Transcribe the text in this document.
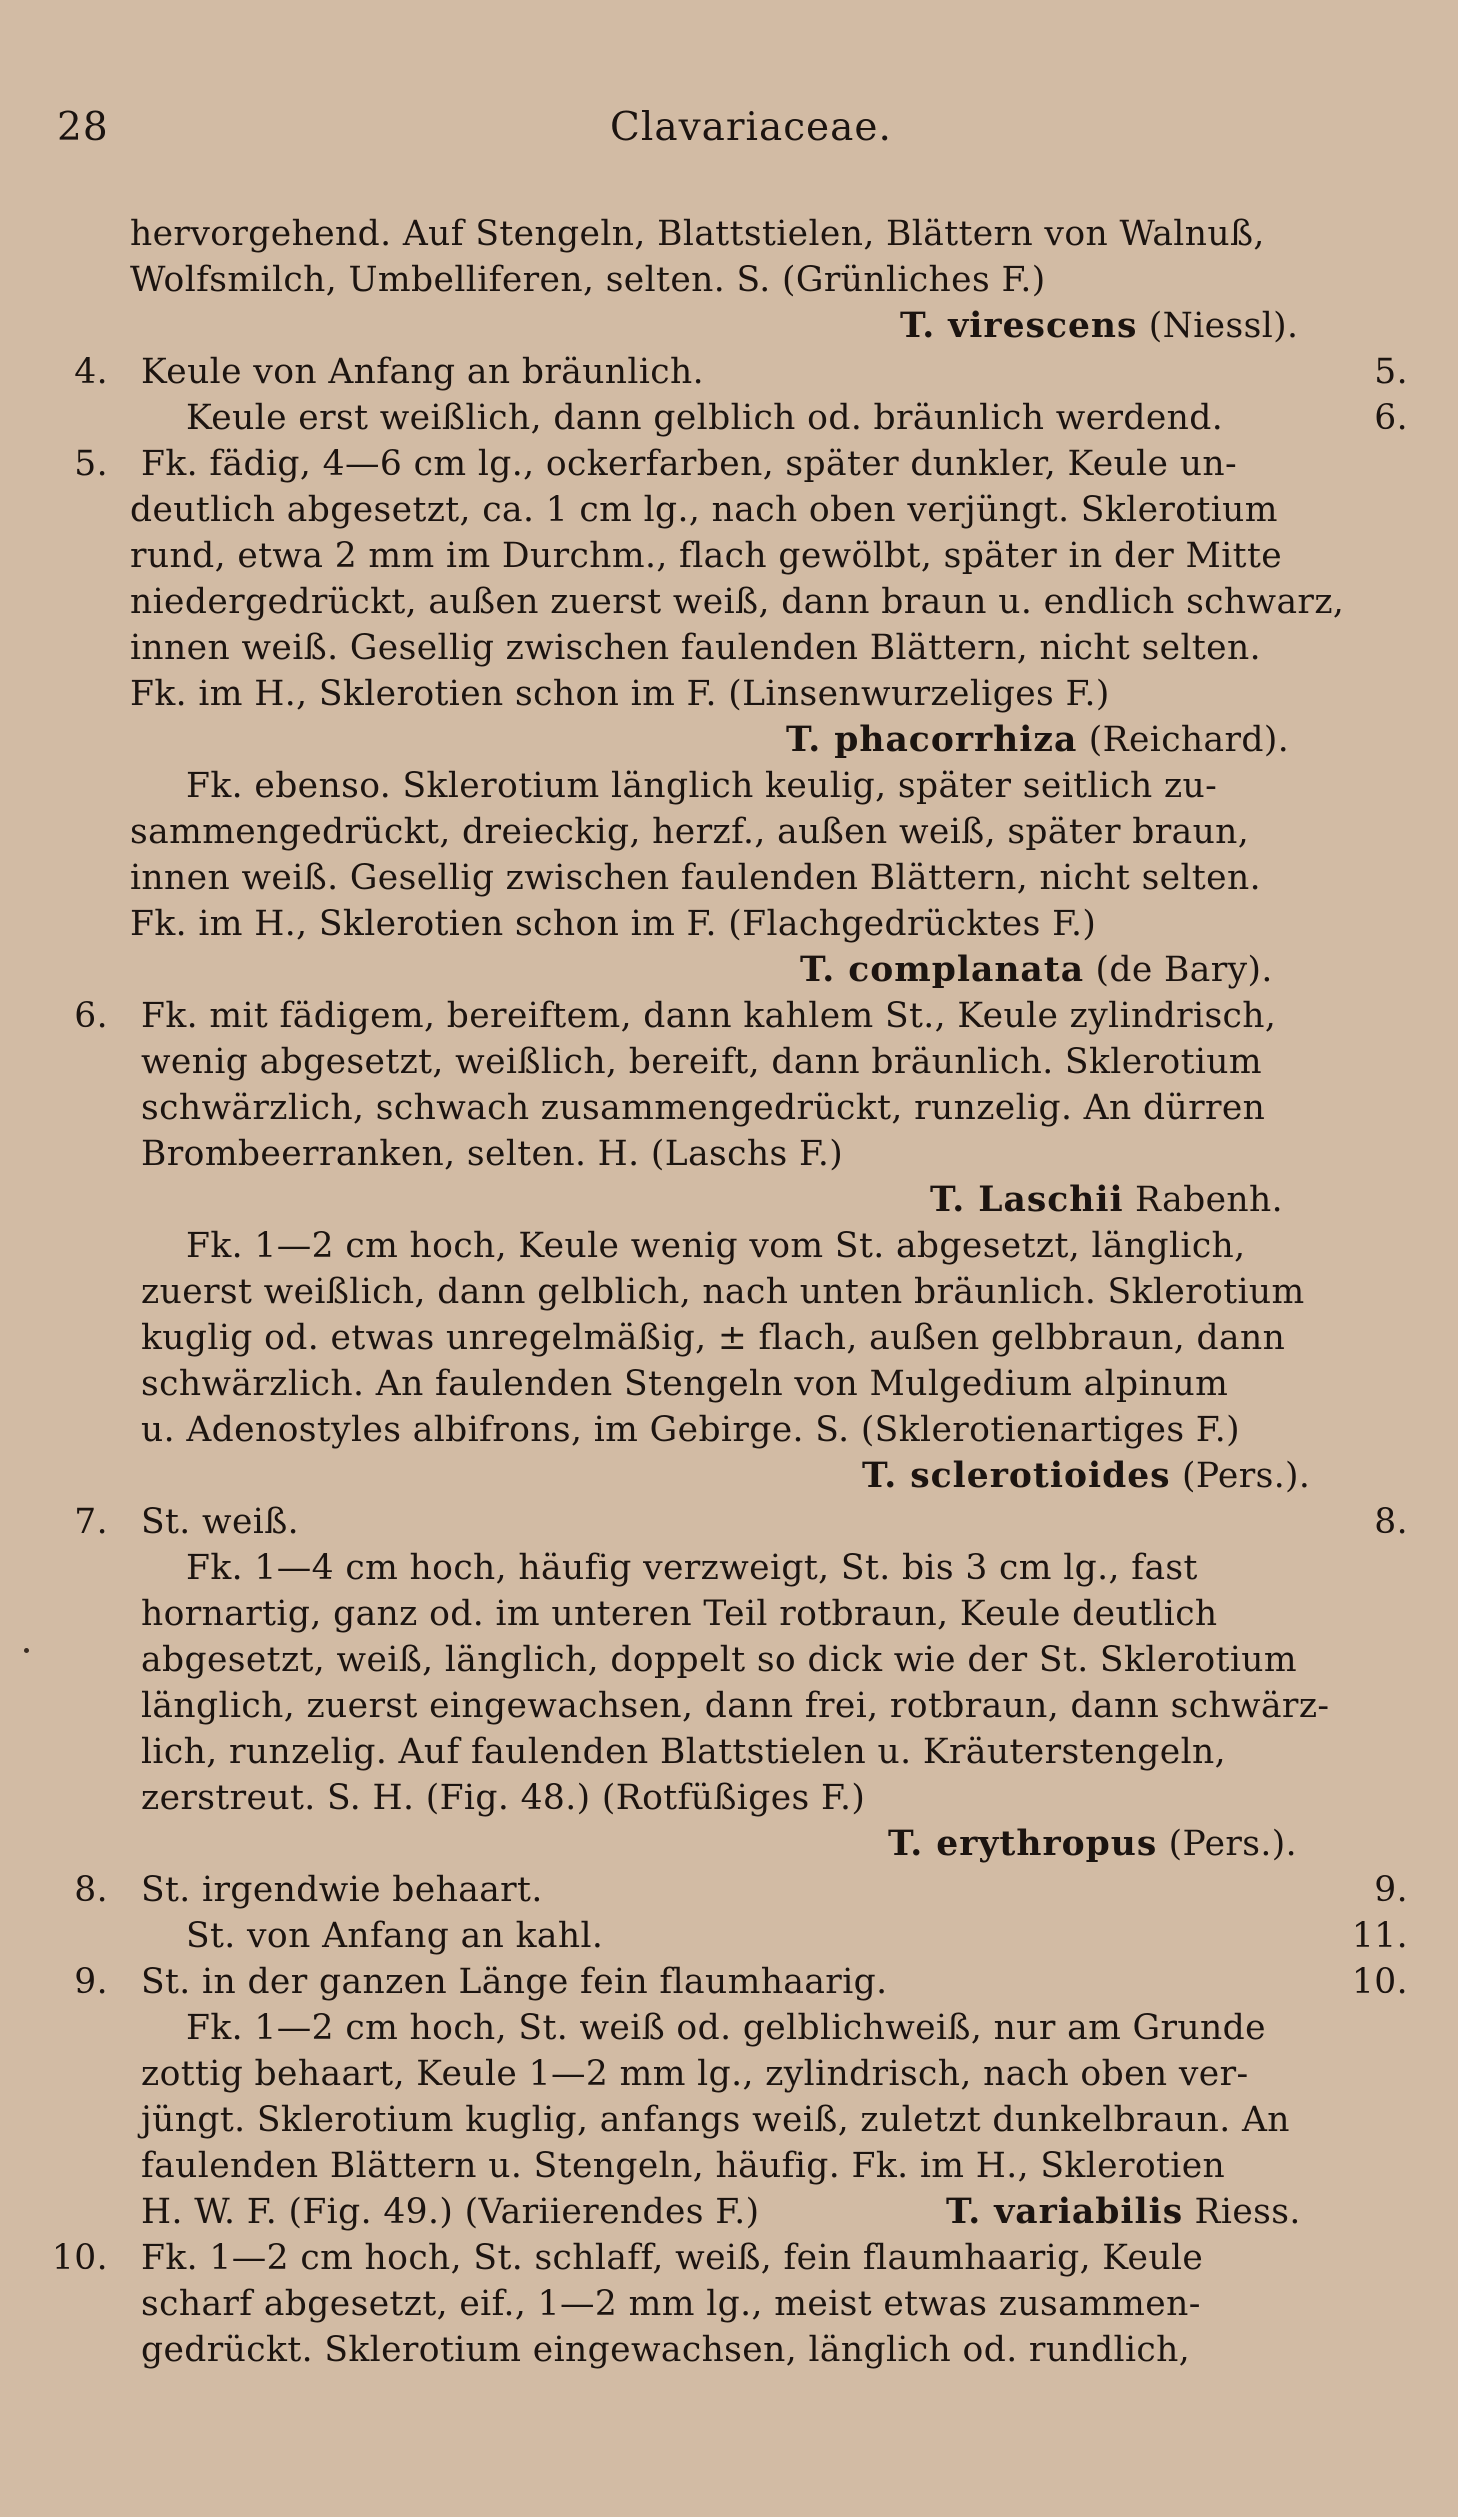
28	Clavariaceae.
hervorgehend. Auf Stengeln, Blattstielen, Blättern von Walnuß,
Wolfsmilch, Umbelliferen, selten. S. (Grünliches F.)
T. virescens (Niessl).
4. Keule von Anfang an bräunlich.	5.
Keule erst weißlich, dann gelblich od. bräunlich werdend.	6.
5. Fk. fädig, 4—6 cm lg., ockerfarben, später dunkler, Keule un-
deutlich abgesetzt, ca. 1 cm lg., nach oben verjüngt. Sklerotium
rund, etwa 2 mm im Durchm., flach gewölbt, später in der Mitte
niedergedrückt, außen zuerst weiß, dann braun u. endlich schwarz,
innen weiß. Gesellig zwischen faulenden Blättern, nicht selten.
Fk. im H., Sklerotien schon im F. (Linsenwurzeliges F.)
T. phacorrhiza (Reichard).
Fk. ebenso. Sklerotium länglich keulig, später seitlich zu-
sammengedrückt, dreieckig, herzf., außen weiß, später braun,
innen weiß. Gesellig zwischen faulenden Blättern, nicht selten.
Fk. im H., Sklerotien schon im F. (Flachgedrücktes F.)
T. complanata (de Bary).
6. Fk. mit fädigem, bereiftem, dann kahlem St., Keule zylindrisch,
wenig abgesetzt, weißlich, bereift, dann bräunlich. Sklerotium
schwärzlich, schwach zusammengedrückt, runzelig. An dürren
Brombeerranken, selten. H. (Laschs F.)
T. Laschii Rabenh.
Fk. 1—2 cm hoch, Keule wenig vom St. abgesetzt, länglich,
zuerst weißlich, dann gelblich, nach unten bräunlich. Sklerotium
kuglig od. etwas unregelmäßig, ± flach, außen gelbbraun, dann
schwärzlich. An faulenden Stengeln von Mulgedium alpinum
u. Adenostyles albifrons, im Gebirge. S. (Sklerotienartiges F.)
T. sclerotioides (Pers.).
7. St. weiß.	8.
Fk. 1—4 cm hoch, häufig verzweigt, St. bis 3 cm lg., fast
hornartig, ganz od. im unteren Teil rotbraun, Keule deutlich
abgesetzt, weiß, länglich, doppelt so dick wie der St. Sklerotium
länglich, zuerst eingewachsen, dann frei, rotbraun, dann schwärz-
lich, runzelig. Auf faulenden Blattstielen u. Kräuterstengeln,
zerstreut. S. H. (Fig. 48.) (Rotfüßiges F.)
T. erythropus (Pers.).
8. St. irgendwie behaart.	9.
St. von Anfang an kahl.	11.
9. St. in der ganzen Länge fein flaumhaarig.	10.
Fk. 1—2 cm hoch, St. weiß od. gelblichweiß, nur am Grunde
zottig behaart, Keule 1—2 mm lg., zylindrisch, nach oben ver-
jüngt. Sklerotium kuglig, anfangs weiß, zuletzt dunkelbraun. An
faulenden Blättern u. Stengeln, häufig. Fk. im H., Sklerotien
H. W. F. (Fig. 49.) (Variierendes F.)	T. variabilis Riess.
10. Fk. 1—2 cm hoch, St. schlaff, weiß, fein flaumhaarig, Keule
scharf abgesetzt, eif., 1—2 mm lg., meist etwas zusammen-
gedrückt. Sklerotium eingewachsen, länglich od. rundlich,
